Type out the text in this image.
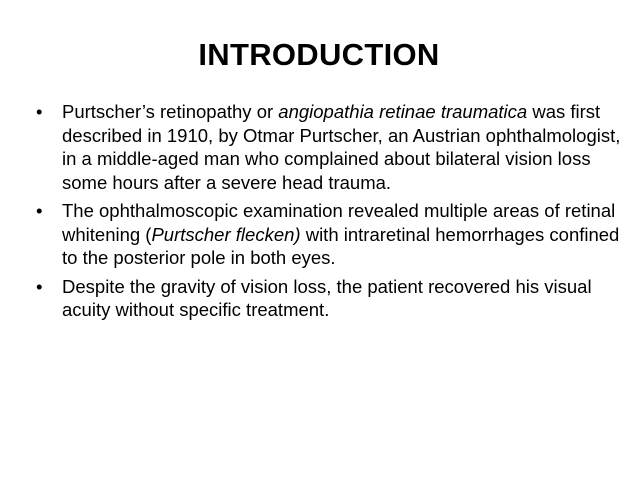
INTRODUCTION
•	Purtscher’s retinopathy or angiopathia retinae traumatica was first described in 1910, by Otmar Purtscher, an Austrian ophthalmologist, in a middle-aged man who complained about bilateral vision loss some hours after a severe head trauma.
•	The ophthalmoscopic examination revealed multiple areas of retinal whitening (Purtscher flecken) with intraretinal hemorrhages confined to the posterior pole in both eyes.
•	Despite the gravity of vision loss, the patient recovered his visual acuity without specific treatment.
